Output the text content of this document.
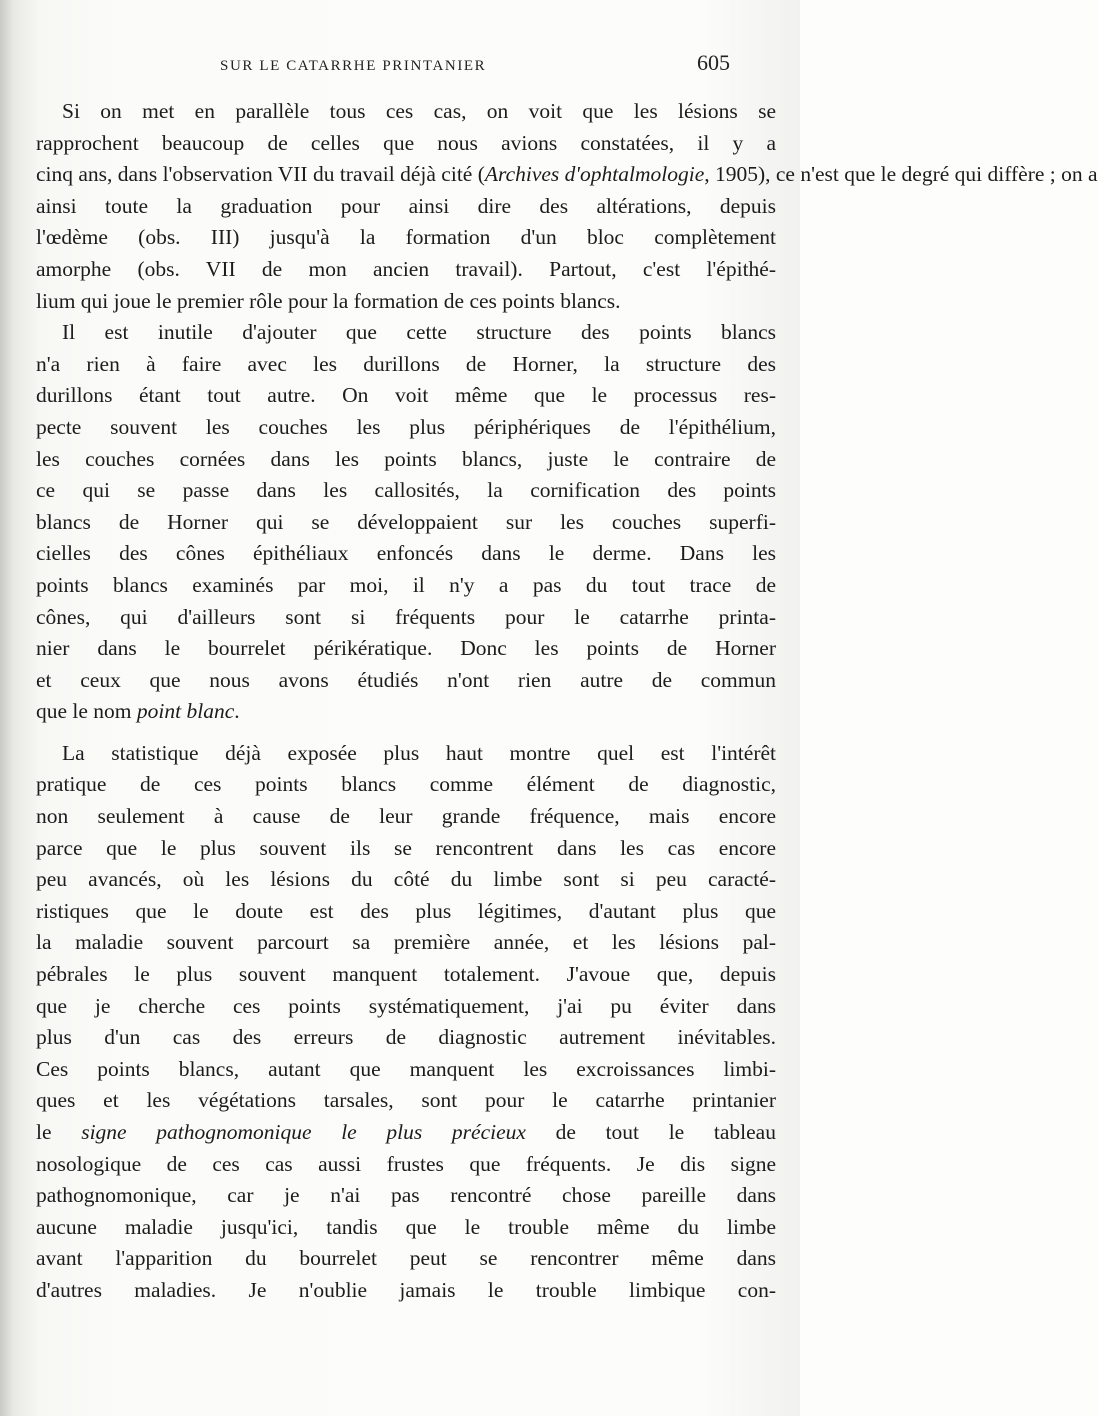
SUR LE CATARRHE PRINTANIER	605
Si on met en parallèle tous ces cas, on voit que les lésions se
rapprochent beaucoup de celles que nous avions constatées, il y a
cinq ans, dans l'observation VII du travail déjà cité (Archives d'ophtalmologie, 1905), ce n'est que le degré qui diffère ; on a
ainsi toute la graduation pour ainsi dire des altérations, depuis
l'œdème (obs. III) jusqu'à la formation d'un bloc complètement
amorphe (obs. VII de mon ancien travail). Partout, c'est l'épithé-
lium qui joue le premier rôle pour la formation de ces points blancs.
Il est inutile d'ajouter que cette structure des points blancs
n'a rien à faire avec les durillons de Horner, la structure des
durillons étant tout autre. On voit même que le processus res-
pecte souvent les couches les plus périphériques de l'épithélium,
les couches cornées dans les points blancs, juste le contraire de
ce qui se passe dans les callosités, la cornification des points
blancs de Horner qui se développaient sur les couches superfi-
cielles des cônes épithéliaux enfoncés dans le derme. Dans les
points blancs examinés par moi, il n'y a pas du tout trace de
cônes, qui d'ailleurs sont si fréquents pour le catarrhe printa-
nier dans le bourrelet périkératique. Donc les points de Horner
et ceux que nous avons étudiés n'ont rien autre de commun
que le nom point blanc.
La statistique déjà exposée plus haut montre quel est l'intérêt
pratique de ces points blancs comme élément de diagnostic,
non seulement à cause de leur grande fréquence, mais encore
parce que le plus souvent ils se rencontrent dans les cas encore
peu avancés, où les lésions du côté du limbe sont si peu caracté-
ristiques que le doute est des plus légitimes, d'autant plus que
la maladie souvent parcourt sa première année, et les lésions pal-
pébrales le plus souvent manquent totalement. J'avoue que, depuis
que je cherche ces points systématiquement, j'ai pu éviter dans
plus d'un cas des erreurs de diagnostic autrement inévitables.
Ces points blancs, autant que manquent les excroissances limbi-
ques et les végétations tarsales, sont pour le catarrhe printanier
le signe pathognomonique le plus précieux de tout le tableau
nosologique de ces cas aussi frustes que fréquents. Je dis signe
pathognomonique, car je n'ai pas rencontré chose pareille dans
aucune maladie jusqu'ici, tandis que le trouble même du limbe
avant l'apparition du bourrelet peut se rencontrer même dans
d'autres maladies. Je n'oublie jamais le trouble limbique con-
